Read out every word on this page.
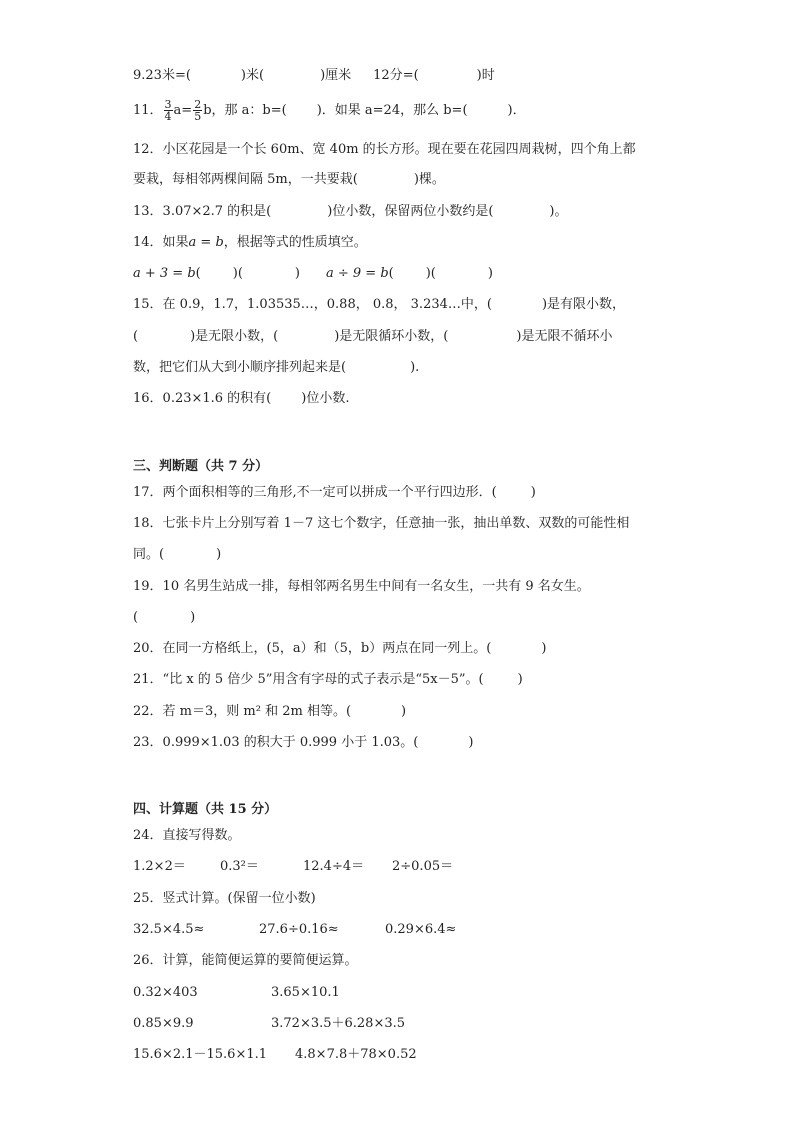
9.23米=(	)米(	)厘米 12分=(	)时
11． $\frac{3}{4} a= \frac{2}{5}$ b，那 a：b=( )．如果 a=24，那么 b=(	)．
12．小区花园是一个长 60m、宽 40m 的长方形。现在要在花园四周栽树，四个角上都
要栽，每相邻两棵间隔 5m，一共要栽(	)棵。
13．3.07×2.7 的积是(	)位小数，保留两位小数约是(	)。
14．如果a = b，根据等式的性质填空。
a + 3 = b( )(	) a ÷ 9 = b( )(	)
15．在 0.9，1.7，1.03535…，0.88， 0.8， 3.234…中，(	)是有限小数，
(	)是无限小数，(	)是无限循环小数，(	)是无限不循环小
数，把它们从大到小顺序排列起来是(	).
16．0.23×1.6 的积有( )位小数.
三、判断题（共 7 分）
17．两个面积相等的三角形,不一定可以拼成一个平行四边形．(	)
18．七张卡片上分别写着 1－7 这七个数字，任意抽一张，抽出单数、双数的可能性相
同。(	)
19．10 名男生站成一排，每相邻两名男生中间有一名女生，一共有 9 名女生。
(	)
20．在同一方格纸上，(5，a）和（5，b）两点在同一列上。(	)
21．“比 x 的 5 倍少 5”用含有字母的式子表示是“5x－5”。(	)
22．若 m＝3，则 m² 和 2m 相等。(	)
23．0.999×1.03 的积大于 0.999 小于 1.03。(	)
四、计算题（共 15 分）
24．直接写得数。
1.2×2＝	0.3²＝	12.4÷4＝ 2÷0.05＝
25．竖式计算。(保留一位小数)
32.5×4.5≈	27.6÷0.16≈	0.29×6.4≈
26．计算，能简便运算的要简便运算。
0.32×403	3.65×10.1
0.85×9.9	3.72×3.5＋6.28×3.5
15.6×2.1－15.6×1.1 4.8×7.8＋78×0.52
